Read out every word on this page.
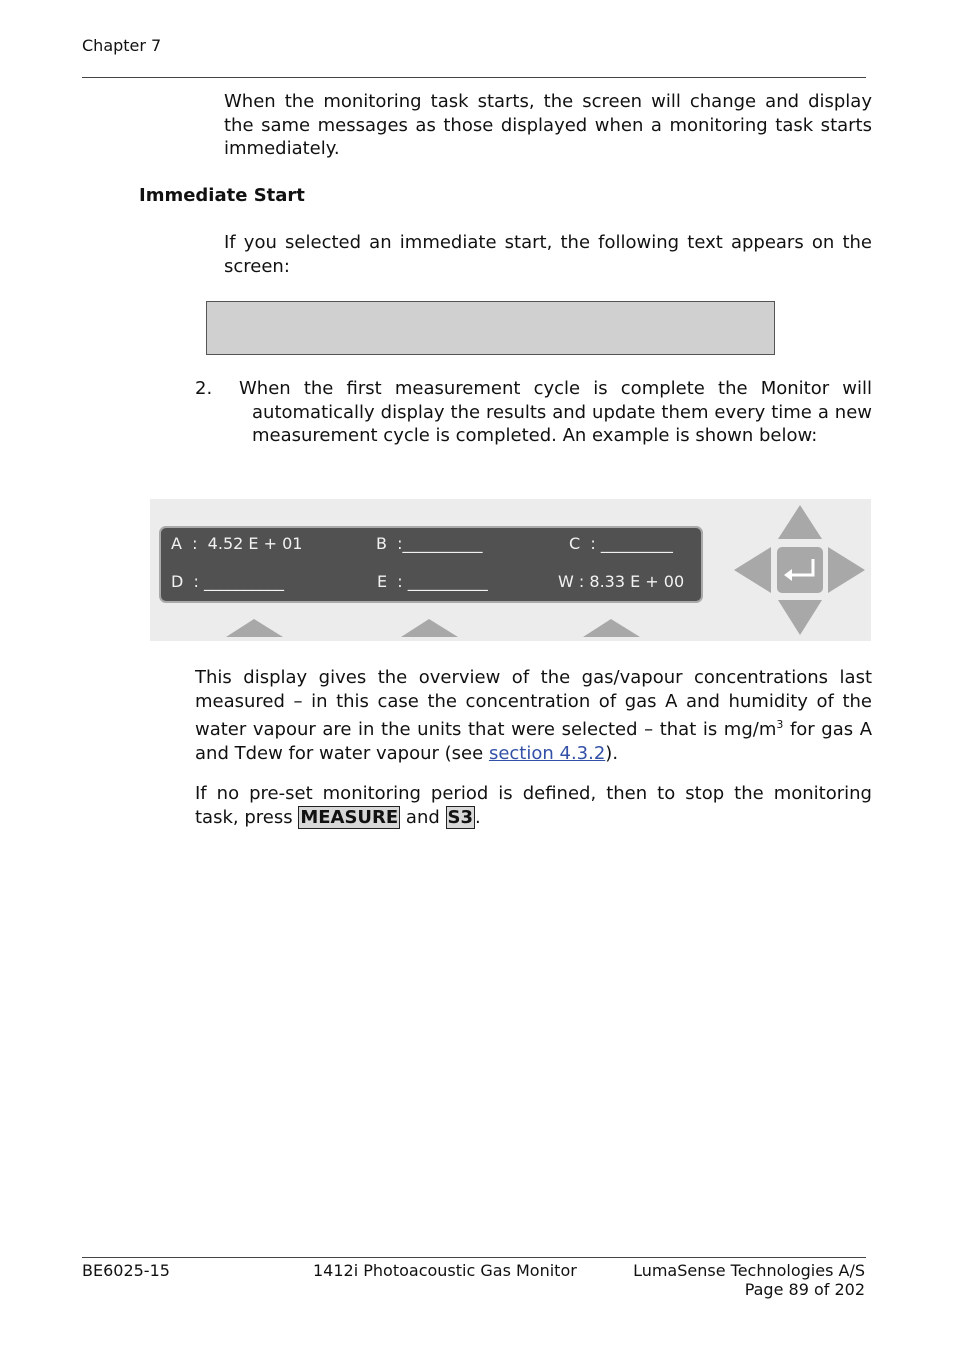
Chapter 7
When the monitoring task starts, the screen will change and display the same messages as those displayed when a monitoring task starts immediately.
Immediate Start
If you selected an immediate start, the following text appears on the screen:
2. When the first measurement cycle is complete the Monitor will automatically display the results and update them every time a new measurement cycle is completed. An example is shown below:
A  :  4.52 E + 01	B  :__________	C  : _________
D  : __________	E  : __________	W : 8.33 E + 00
This display gives the overview of the gas/vapour concentrations last measured – in this case the concentration of gas A and humidity of the water vapour are in the units that were selected – that is $mg/m^3$ for gas A and Tdew for water vapour (see section 4.3.2).
If no pre-set monitoring period is defined, then to stop the monitoring task, press MEASURE and S3 .
BE6025-15	1412i Photoacoustic Gas Monitor	LumaSense Technologies A/S
Page 89 of 202
